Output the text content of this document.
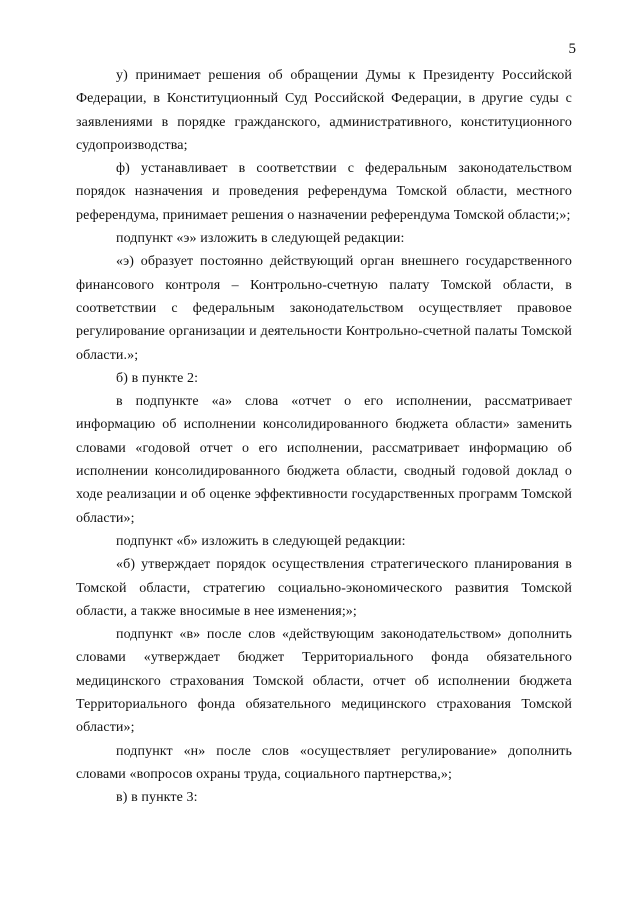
5

у) принимает решения об обращении Думы к Президенту Российской Федерации, в Конституционный Суд Российской Федерации, в другие суды с заявлениями в порядке гражданского, административного, конституционного судопроизводства;

ф) устанавливает в соответствии с федеральным законодательством порядок назначения и проведения референдума Томской области, местного референдума, принимает решения о назначении референдума Томской области;»;

подпункт «э» изложить в следующей редакции:

«э) образует постоянно действующий орган внешнего государственного финансового контроля – Контрольно-счетную палату Томской области, в соответствии с федеральным законодательством осуществляет правовое регулирование организации и деятельности Контрольно-счетной палаты Томской области.»;

б) в пункте 2:

в подпункте «а» слова «отчет о его исполнении, рассматривает информацию об исполнении консолидированного бюджета области» заменить словами «годовой отчет о его исполнении, рассматривает информацию об исполнении консолидированного бюджета области, сводный годовой доклад о ходе реализации и об оценке эффективности государственных программ Томской области»;

подпункт «б» изложить в следующей редакции:

«б) утверждает порядок осуществления стратегического планирования в Томской области, стратегию социально-экономического развития Томской области, а также вносимые в нее изменения;»;

подпункт «в» после слов «действующим законодательством» дополнить словами «утверждает бюджет Территориального фонда обязательного медицинского страхования Томской области, отчет об исполнении бюджета Территориального фонда обязательного медицинского страхования Томской области»;

подпункт «н» после слов «осуществляет регулирование» дополнить словами «вопросов охраны труда, социального партнерства,»;

в) в пункте 3:
